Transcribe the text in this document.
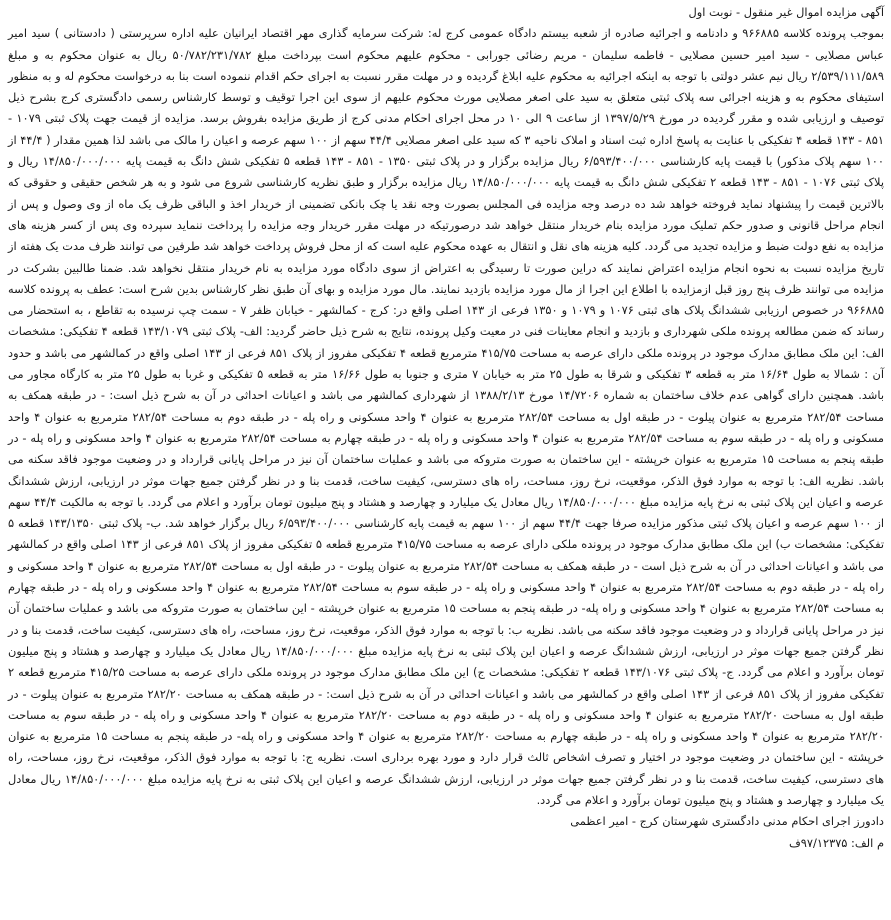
آگهی مزایده اموال غیر منقول - نوبت اول

بموجب پرونده کلاسه ۹۶۶۸۸۵ و دادنامه و اجرائیه صادره از شعبه بیستم دادگاه عمومی کرج له: شرکت سرمایه گذاری مهر اقتصاد ایرانیان علیه اداره سرپرستی ( دادستانی ) سید امیر عباس مصلایی - سید امیر حسین مصلایی - فاطمه سلیمان - مریم رضائی جورابی - محکوم علیهم محکوم است بپرداخت مبلغ ۵۰/۷۸۲/۲۳۱/۷۸۲ ریال به عنوان محکوم به و مبلغ ۲/۵۳۹/۱۱۱/۵۸۹ ریال نیم عشر دولتی با توجه به اینکه اجرائیه به محکوم علیه ابلاغ گردیده و در مهلت مقرر نسبت به اجرای حکم اقدام ننموده است بنا به درخواست محکوم له و به منظور استیفای محکوم به و هزینه اجرائی سه پلاک ثبتی متعلق به سید علی اصغر مصلایی مورث محکوم علیهم از سوی این اجرا توقیف و توسط کارشناس رسمی دادگستری کرج بشرح ذیل توصیف و ارزیابی شده و مقرر گردیده در مورخ ۱۳۹۷/۵/۲۹ از ساعت ۹ الی ۱۰ در محل اجرای احکام مدنی کرج از طریق مزایده بفروش برسد. مزایده از قیمت جهت پلاک ثبتی ۱۰۷۹ - ۸۵۱ - ۱۴۳ قطعه ۴ تفکیکی با عنایت به پاسخ اداره ثبت اسناد و املاک ناحیه ۳ که سید علی اصغر مصلایی ۴۴/۴ سهم از ۱۰۰ سهم عرصه و اعیان را مالک می باشد لذا همین مقدار ( ۴۴/۴ از ۱۰۰ سهم پلاک مذکور) با قیمت پایه کارشناسی ۶/۵۹۳/۴۰۰/۰۰۰ ریال مزایده برگزار و در پلاک ثبتی ۱۳۵۰ - ۸۵۱ - ۱۴۳ قطعه ۵ تفکیکی شش دانگ به قیمت پایه ۱۴/۸۵۰/۰۰۰/۰۰۰ ریال و پلاک ثبتی ۱۰۷۶ - ۸۵۱ - ۱۴۳ قطعه ۲ تفکیکی شش دانگ به قیمت پایه ۱۴/۸۵۰/۰۰۰/۰۰۰ ریال مزایده برگزار و طبق نظریه کارشناسی شروع می شود و به هر شخص حقیقی و حقوقی که بالاترین قیمت را پیشنهاد نماید فروخته خواهد شد ده درصد وجه مزایده فی المجلس بصورت وجه نقد یا چک بانکی تضمینی از خریدار اخذ و الباقی ظرف یک ماه از وی وصول و پس از انجام مراحل قانونی و صدور حکم تملیک مورد مزایده بنام خریدار منتقل خواهد شد درصورتیکه در مهلت مقرر خریدار وجه مزایده را پرداخت ننماید سپرده وی پس از کسر هزینه های مزایده به نفع دولت ضبط و مزایده تجدید می گردد. کلیه هزینه های نقل و انتقال به عهده محکوم علیه است که از محل فروش پرداخت خواهد شد طرفین می توانند ظرف مدت یک هفته از تاریخ مزایده نسبت به نحوه انجام مزایده اعتراض نمایند که دراین صورت تا رسیدگی به اعتراض از سوی دادگاه مورد مزایده به نام خریدار منتقل نخواهد شد. ضمنا طالبین بشرکت در مزایده می توانند ظرف پنج روز قبل ازمزایده با اطلاع این اجرا از مال مورد مزایده بازدید نمایند. مال مورد مزایده و بهای آن طبق نظر کارشناس بدین شرح است: عطف به پرونده کلاسه ۹۶۶۸۸۵ در خصوص ارزیابی ششدانگ پلاک های ثبتی ۱۰۷۶ و ۱۰۷۹ و ۱۳۵۰ فرعی از ۱۴۳ اصلی واقع در: کرج - کمالشهر - خیابان ظفر ۷ - سمت چپ نرسیده به تقاطع ، به استحضار می رساند که ضمن مطالعه پرونده ملکی شهرداری و بازدید و انجام معاینات فنی در معیت وکیل پرونده، نتایج به شرح ذیل حاضر گردید: الف- پلاک ثبتی ۱۴۳/۱۰۷۹ قطعه ۴ تفکیکی: مشخصات الف: این ملک مطابق مدارک موجود در پرونده ملکی دارای عرصه به مساحت ۴۱۵/۷۵ مترمربع قطعه ۴ تفکیکی مفروز از پلاک ۸۵۱ فرعی از ۱۴۳ اصلی واقع در کمالشهر می باشد و حدود آن : شمالا به طول ۱۶/۶۴ متر به قطعه ۳ تفکیکی و شرقا به طول ۲۵ متر به خیابان ۷ متری و جنوبا به طول ۱۶/۶۶ متر به قطعه ۵ تفکیکی و غربا به طول ۲۵ متر به کارگاه مجاور می باشد. همچنین دارای گواهی عدم خلاف ساختمان به شماره ۱۴/۷۲۰۶ مورخ ۱۳۸۸/۲/۱۳ از شهرداری کمالشهر می باشد و اعیانات احداثی در آن به شرح ذیل است: - در طبقه همکف به مساحت ۲۸۲/۵۴ مترمربع به عنوان پیلوت - در طبقه اول به مساحت ۲۸۲/۵۴ مترمربع به عنوان ۴ واحد مسکونی و راه پله - در طبقه دوم به مساحت ۲۸۲/۵۴ مترمربع به عنوان ۴ واحد مسکونی و راه پله - در طبقه سوم به مساحت ۲۸۲/۵۴ مترمربع به عنوان ۴ واحد مسکونی و راه پله - در طبقه چهارم به مساحت ۲۸۲/۵۴ مترمربع به عنوان ۴ واحد مسکونی و راه پله - در طبقه پنجم به مساحت ۱۵ مترمربع به عنوان خرپشته - این ساختمان به صورت متروکه می باشد و عملیات ساختمان آن نیز در مراحل پایانی قرارداد و در وضعیت موجود فاقد سکنه می باشد. نظریه الف: با توجه به موارد فوق الذکر، موقعیت، نرخ روز، مساحت، راه های دسترسی، کیفیت ساخت، قدمت بنا و در نظر گرفتن جمیع جهات موثر در ارزیابی، ارزش ششدانگ عرصه و اعیان این پلاک ثبتی به نرخ پایه مزایده مبلغ ۱۴/۸۵۰/۰۰۰/۰۰۰ ریال معادل یک میلیارد و چهارصد و هشتاد و پنج میلیون تومان برآورد و اعلام می گردد. با توجه به مالکیت ۴۴/۴ سهم از ۱۰۰ سهم عرصه و اعیان پلاک ثبتی مذکور مزایده صرفا جهت ۴۴/۴ سهم از ۱۰۰ سهم به قیمت پایه کارشناسی ۶/۵۹۳/۴۰۰/۰۰۰ ریال برگزار خواهد شد. ب- پلاک ثبتی ۱۴۳/۱۳۵۰ قطعه ۵ تفکیکی: مشخصات ب) این ملک مطابق مدارک موجود در پرونده ملکی دارای عرصه به مساحت ۴۱۵/۷۵ مترمربع قطعه ۵ تفکیکی مفروز از پلاک ۸۵۱ فرعی از ۱۴۳ اصلی واقع در کمالشهر می باشد و اعیانات احداثی در آن به شرح ذیل است - در طبقه همکف به مساحت ۲۸۲/۵۴ مترمربع به عنوان پیلوت - در طبقه اول به مساحت ۲۸۲/۵۴ مترمربع به عنوان ۴ واحد مسکونی و راه پله - در طبقه دوم به مساحت ۲۸۲/۵۴ مترمربع به عنوان ۴ واحد مسکونی و راه پله - در طبقه سوم به مساحت ۲۸۲/۵۴ مترمربع به عنوان ۴ واحد مسکونی و راه پله - در طبقه چهارم به مساحت ۲۸۲/۵۴ مترمربع به عنوان ۴ واحد مسکونی و راه پله- در طبقه پنجم به مساحت ۱۵ مترمربع به عنوان خرپشته - این ساختمان به صورت متروکه می باشد و عملیات ساختمان آن نیز در مراحل پایانی قرارداد و در وضعیت موجود فاقد سکنه می باشد. نظریه ب: با توجه به موارد فوق الذکر، موقعیت، نرخ روز، مساحت، راه های دسترسی، کیفیت ساخت، قدمت بنا و در نظر گرفتن جمیع جهات موثر در ارزیابی، ارزش ششدانگ عرصه و اعیان این پلاک ثبتی به نرخ پایه مزایده مبلغ ۱۴/۸۵۰/۰۰۰/۰۰۰ ریال معادل یک میلیارد و چهارصد و هشتاد و پنج میلیون تومان برآورد و اعلام می گردد. ج- پلاک ثبتی ۱۴۳/۱۰۷۶ قطعه ۲ تفکیکی: مشخصات ج) این ملک مطابق مدارک موجود در پرونده ملکی دارای عرصه به مساحت ۴۱۵/۲۵ مترمربع قطعه ۲ تفکیکی مفروز از پلاک ۸۵۱ فرعی از ۱۴۳ اصلی واقع در کمالشهر می باشد و اعیانات احداثی در آن به شرح ذیل است: - در طبقه همکف به مساحت ۲۸۲/۲۰ مترمربع به عنوان پیلوت - در طبقه اول به مساحت ۲۸۲/۲۰ مترمربع به عنوان ۴ واحد مسکونی و راه پله - در طبقه دوم به مساحت ۲۸۲/۲۰ مترمربع به عنوان ۴ واحد مسکونی و راه پله - در طبقه سوم به مساحت ۲۸۲/۲۰ مترمربع به عنوان ۴ واحد مسکونی و راه پله - در طبقه چهارم به مساحت ۲۸۲/۲۰ مترمربع به عنوان ۴ واحد مسکونی و راه پله- در طبقه پنجم به مساحت ۱۵ مترمربع به عنوان خرپشته - این ساختمان در وضعیت موجود در اختیار و تصرف اشخاص ثالث قرار دارد و مورد بهره برداری است. نظریه ج: با توجه به موارد فوق الذکر، موقعیت، نرخ روز، مساحت، راه های دسترسی، کیفیت ساخت، قدمت بنا و در نظر گرفتن جمیع جهات موثر در ارزیابی، ارزش ششدانگ عرصه و اعیان این پلاک ثبتی به نرخ پایه مزایده مبلغ ۱۴/۸۵۰/۰۰۰/۰۰۰ ریال معادل یک میلیارد و چهارصد و هشتاد و پنج میلیون تومان برآورد و اعلام می گردد.

دادورز اجرای احکام مدنی دادگستری شهرستان کرج - امیر اعظمی

م الف: ۹۷/۱۲۳۷۵ف
